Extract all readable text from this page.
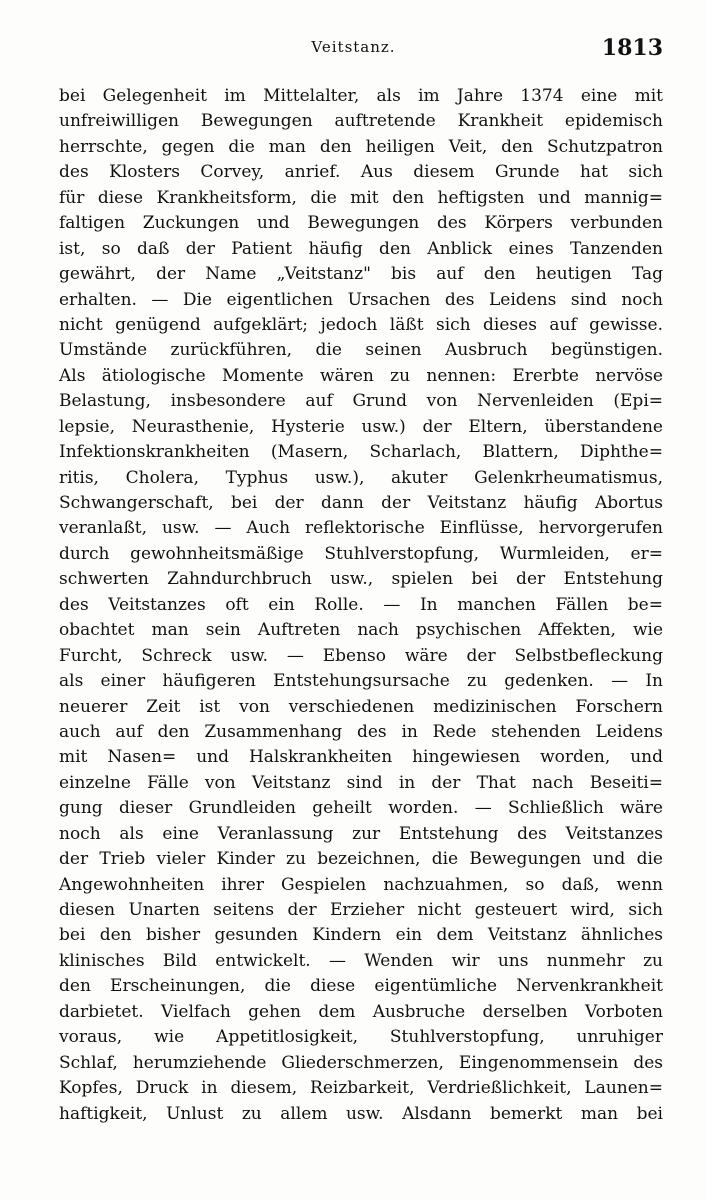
Veitstanz.	1813
bei Gelegenheit im Mittelalter, als im Jahre 1374 eine mit
unfreiwilligen Bewegungen auftretende Krankheit epidemisch
herrschte, gegen die man den heiligen Veit, den Schutzpatron
des Klosters Corvey, anrief. Aus diesem Grunde hat sich
für diese Krankheitsform, die mit den heftigsten und mannig=
faltigen Zuckungen und Bewegungen des Körpers verbunden
ist, so daß der Patient häufig den Anblick eines Tanzenden
gewährt, der Name „Veitstanz" bis auf den heutigen Tag
erhalten. — Die eigentlichen Ursachen des Leidens sind noch
nicht genügend aufgeklärt; jedoch läßt sich dieses auf gewisse.
Umstände zurückführen, die seinen Ausbruch begünstigen.
Als ätiologische Momente wären zu nennen: Ererbte nervöse
Belastung, insbesondere auf Grund von Nervenleiden (Epi=
lepsie, Neurasthenie, Hysterie usw.) der Eltern, überstandene
Infektionskrankheiten (Masern, Scharlach, Blattern, Diphthe=
ritis, Cholera, Typhus usw.), akuter Gelenkrheumatismus,
Schwangerschaft, bei der dann der Veitstanz häufig Abortus
veranlaßt, usw. — Auch reflektorische Einflüsse, hervorgerufen
durch gewohnheitsmäßige Stuhlverstopfung, Wurmleiden, er=
schwerten Zahndurchbruch usw., spielen bei der Entstehung
des Veitstanzes oft ein Rolle. — In manchen Fällen be=
obachtet man sein Auftreten nach psychischen Affekten, wie
Furcht, Schreck usw. — Ebenso wäre der Selbstbefleckung
als einer häufigeren Entstehungsursache zu gedenken. — In
neuerer Zeit ist von verschiedenen medizinischen Forschern
auch auf den Zusammenhang des in Rede stehenden Leidens
mit Nasen= und Halskrankheiten hingewiesen worden, und
einzelne Fälle von Veitstanz sind in der That nach Beseiti=
gung dieser Grundleiden geheilt worden. — Schließlich wäre
noch als eine Veranlassung zur Entstehung des Veitstanzes
der Trieb vieler Kinder zu bezeichnen, die Bewegungen und die
Angewohnheiten ihrer Gespielen nachzuahmen, so daß, wenn
diesen Unarten seitens der Erzieher nicht gesteuert wird, sich
bei den bisher gesunden Kindern ein dem Veitstanz ähnliches
klinisches Bild entwickelt. — Wenden wir uns nunmehr zu
den Erscheinungen, die diese eigentümliche Nervenkrankheit
darbietet. Vielfach gehen dem Ausbruche derselben Vorboten
voraus, wie Appetitlosigkeit, Stuhlverstopfung, unruhiger
Schlaf, herumziehende Gliederschmerzen, Eingenommensein des
Kopfes, Druck in diesem, Reizbarkeit, Verdrießlichkeit, Launen=
haftigkeit, Unlust zu allem usw. Alsdann bemerkt man bei
